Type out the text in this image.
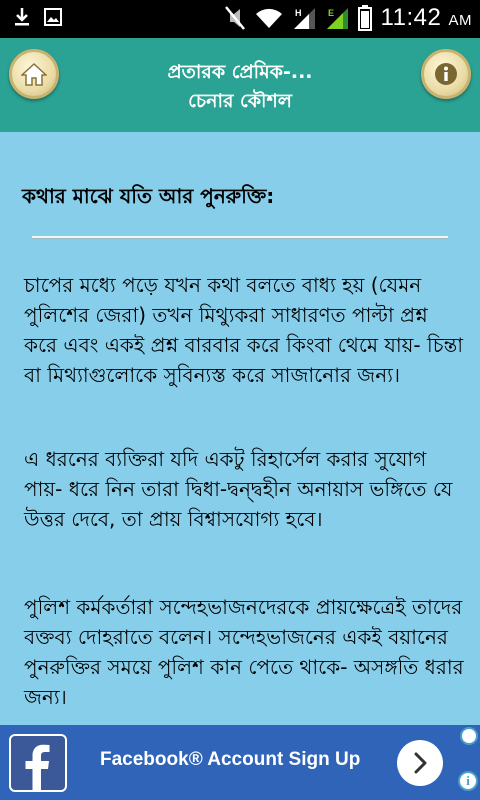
H	E 11:42 AM
প্রতারক প্রেমিক-...
চেনার কৌশল
কথার মাঝে যতি আর পুনরুক্তি:

চাপের মধ্যে পড়ে যখন কথা বলতে বাধ্য হয় (যেমন পুলিশের জেরা) তখন মিথ্যুকরা সাধারণত পাল্টা প্রশ্ন করে এবং একই প্রশ্ন বারবার করে কিংবা থেমে যায়- চিন্তা বা মিথ্যাগুলোকে সুবিন্যস্ত করে সাজানোর জন্য।

এ ধরনের ব্যক্তিরা যদি একটু রিহার্সেল করার সুযোগ পায়- ধরে নিন তারা দ্বিধা-দ্বন্দ্বহীন অনায়াস ভঙ্গিতে যে উত্তর দেবে, তা প্রায় বিশ্বাসযোগ্য হবে।

পুলিশ কর্মকর্তারা সন্দেহভাজনদেরকে প্রায়ক্ষেত্রেই তাদের বক্তব্য দোহরাতে বলেন। সন্দেহভাজনের একই বয়ানের পুনরুক্তির সময়ে পুলিশ কান পেতে থাকে- অসঙ্গতি ধরার জন্য।

Facebook® Account Sign Up
i
